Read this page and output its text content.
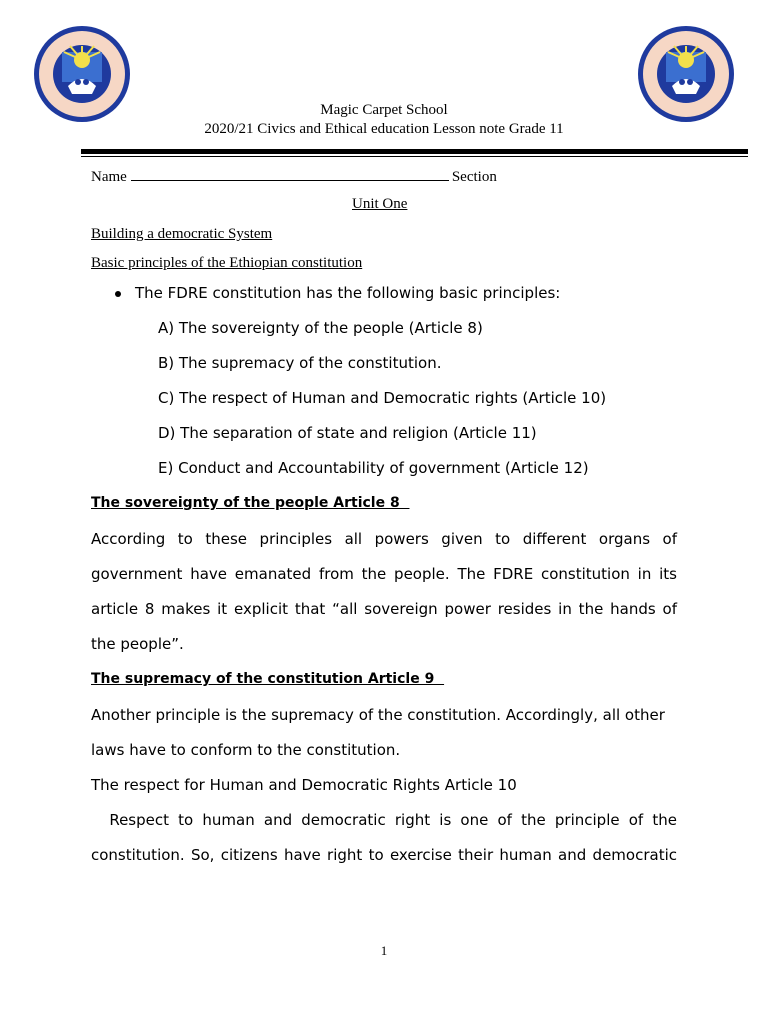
Magic Carpet School
2020/21 Civics and Ethical education Lesson note Grade 11
Name	Section
Unit One
Building a democratic System
Basic principles of the Ethiopian constitution
The FDRE constitution has the following basic principles:
A) The sovereignty of the people (Article 8)
B) The supremacy of the constitution.
C) The respect of Human and Democratic rights (Article 10)
D) The separation of state and religion (Article 11)
E) Conduct and Accountability of government (Article 12)
The sovereignty of the people Article 8
According to these principles all powers given to different organs of
government have emanated from the people. The FDRE constitution in its
article 8 makes it explicit that “all sovereign power resides in the hands of
the people”.
The supremacy of the constitution Article 9
Another principle is the supremacy of the constitution. Accordingly, all other
laws have to conform to the constitution.
The respect for Human and Democratic Rights Article 10
Respect to human and democratic right is one of the principle of the
constitution. So, citizens have right to exercise their human and democratic
1
